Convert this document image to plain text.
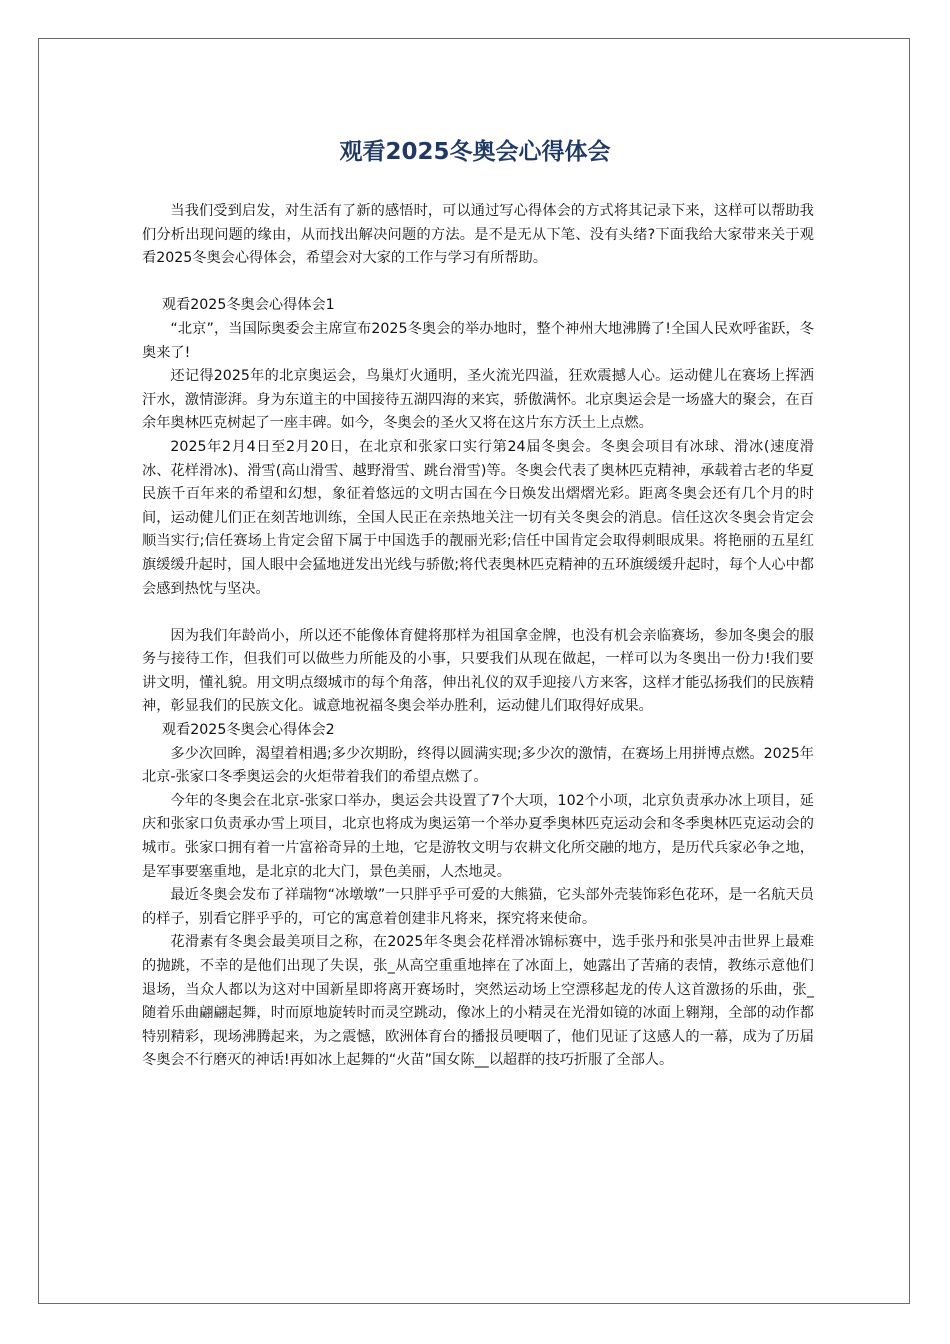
观看2025冬奥会心得体会

当我们受到启发，对生活有了新的感悟时，可以通过写心得体会的方式将其记录下来，这样可以帮助我们分析出现问题的缘由，从而找出解决问题的方法。是不是无从下笔、没有头绪?下面我给大家带来关于观看2025冬奥会心得体会，希望会对大家的工作与学习有所帮助。

观看2025冬奥会心得体会1

“北京”，当国际奥委会主席宣布2025冬奥会的举办地时，整个神州大地沸腾了!全国人民欢呼雀跃，冬奥来了!

还记得2025年的北京奥运会，鸟巢灯火通明，圣火流光四溢，狂欢震撼人心。运动健儿在赛场上挥洒汗水，激情澎湃。身为东道主的中国接待五湖四海的来宾，骄傲满怀。北京奥运会是一场盛大的聚会，在百余年奥林匹克树起了一座丰碑。如今，冬奥会的圣火又将在这片东方沃土上点燃。

2025年2月4日至2月20日，在北京和张家口实行第24届冬奥会。冬奥会项目有冰球、滑冰(速度滑冰、花样滑冰)、滑雪(高山滑雪、越野滑雪、跳台滑雪)等。冬奥会代表了奥林匹克精神，承载着古老的华夏民族千百年来的希望和幻想，象征着悠远的文明古国在今日焕发出熠熠光彩。距离冬奥会还有几个月的时间，运动健儿们正在刻苦地训练，全国人民正在亲热地关注一切有关冬奥会的消息。信任这次冬奥会肯定会顺当实行;信任赛场上肯定会留下属于中国选手的靓丽光彩;信任中国肯定会取得刺眼成果。将艳丽的五星红旗缓缓升起时，国人眼中会猛地迸发出光线与骄傲;将代表奥林匹克精神的五环旗缓缓升起时，每个人心中都会感到热忱与坚决。

因为我们年龄尚小，所以还不能像体育健将那样为祖国拿金牌，也没有机会亲临赛场，参加冬奥会的服务与接待工作，但我们可以做些力所能及的小事，只要我们从现在做起，一样可以为冬奥出一份力!我们要讲文明，懂礼貌。用文明点缀城市的每个角落，伸出礼仪的双手迎接八方来客，这样才能弘扬我们的民族精神，彰显我们的民族文化。诚意地祝福冬奥会举办胜利，运动健儿们取得好成果。

观看2025冬奥会心得体会2

多少次回眸，渴望着相遇;多少次期盼，终得以圆满实现;多少次的激情，在赛场上用拼博点燃。2025年北京-张家口冬季奥运会的火炬带着我们的希望点燃了。

今年的冬奥会在北京-张家口举办，奥运会共设置了7个大项，102个小项，北京负责承办冰上项目，延庆和张家口负责承办雪上项目，北京也将成为奥运第一个举办夏季奥林匹克运动会和冬季奥林匹克运动会的城市。张家口拥有着一片富裕奇异的土地，它是游牧文明与农耕文化所交融的地方，是历代兵家必争之地，是军事要塞重地，是北京的北大门，景色美丽，人杰地灵。

最近冬奥会发布了祥瑞物“冰墩墩”一只胖乎乎可爱的大熊猫，它头部外壳装饰彩色花环，是一名航天员的样子，别看它胖乎乎的，可它的寓意着创建非凡将来，探究将来使命。

花滑素有冬奥会最美项目之称，在2025年冬奥会花样滑冰锦标赛中，选手张丹和张昊冲击世界上最难的抛跳，不幸的是他们出现了失误，张_从高空重重地摔在了冰面上，她露出了苦痛的表情，教练示意他们退场，当众人都以为这对中国新星即将离开赛场时，突然运动场上空漂移起龙的传人这首激扬的乐曲，张_随着乐曲翩翩起舞，时而原地旋转时而灵空跳动，像冰上的小精灵在光滑如镜的冰面上翱翔，全部的动作都特别精彩，现场沸腾起来，为之震憾，欧洲体育台的播报员哽咽了，他们见证了这感人的一幕，成为了历届冬奥会不行磨灭的神话!再如冰上起舞的“火苗”国女陈__以超群的技巧折服了全部人。
